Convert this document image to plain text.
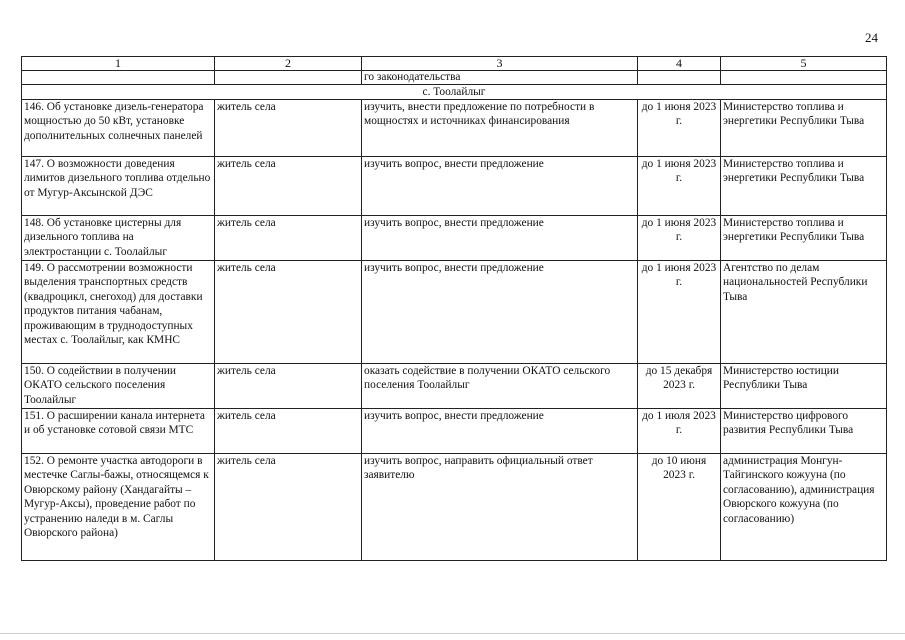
24
1	2	3	4	5
		го законодательства		
с. Тоолайлыг				
146. Об установке дизель-генератора мощностью до 50 кВт, установке дополнительных солнечных панелей	житель села	изучить, внести предложение по потребности в мощностях и источниках финансирования	до 1 июня 2023 г.	Министерство топлива и энергетики Республики Тыва
147. О возможности доведения лимитов дизельного топлива отдельно от Мугур-Аксынской ДЭС	житель села	изучить вопрос, внести предложение	до 1 июня 2023 г.	Министерство топлива и энергетики Республики Тыва
148. Об установке цистерны для дизельного топлива на электростанции с. Тоолайлыг	житель села	изучить вопрос, внести предложение	до 1 июня 2023 г.	Министерство топлива и энергетики Республики Тыва
149. О рассмотрении возможности выделения транспортных средств (квадроцикл, снегоход) для доставки продуктов питания чабанам, проживающим в труднодоступных местах с. Тоолайлыг, как КМНС	житель села	изучить вопрос, внести предложение	до 1 июня 2023 г.	Агентство по делам национальностей Республики Тыва
150. О содействии в получении ОКАТО сельского поселения Тоолайлыг	житель села	оказать содействие в получении ОКАТО сельского поселения Тоолайлыг	до 15 декабря 2023 г.	Министерство юстиции Республики Тыва
151. О расширении канала интернета и об установке сотовой связи МТС	житель села	изучить вопрос, внести предложение	до 1 июля 2023 г.	Министерство цифрового развития Республики Тыва
152. О ремонте участка автодороги в местечке Саглы-бажы, относящемся к Овюрскому району (Хандагайты – Мугур-Аксы), проведение работ по устранению наледи в м. Саглы Овюрского района)	житель села	изучить вопрос, направить официальный ответ заявителю	до 10 июня 2023 г.	администрация Монгун-Тайгинского кожууна (по согласованию), администрация Овюрского кожууна (по согласованию)
